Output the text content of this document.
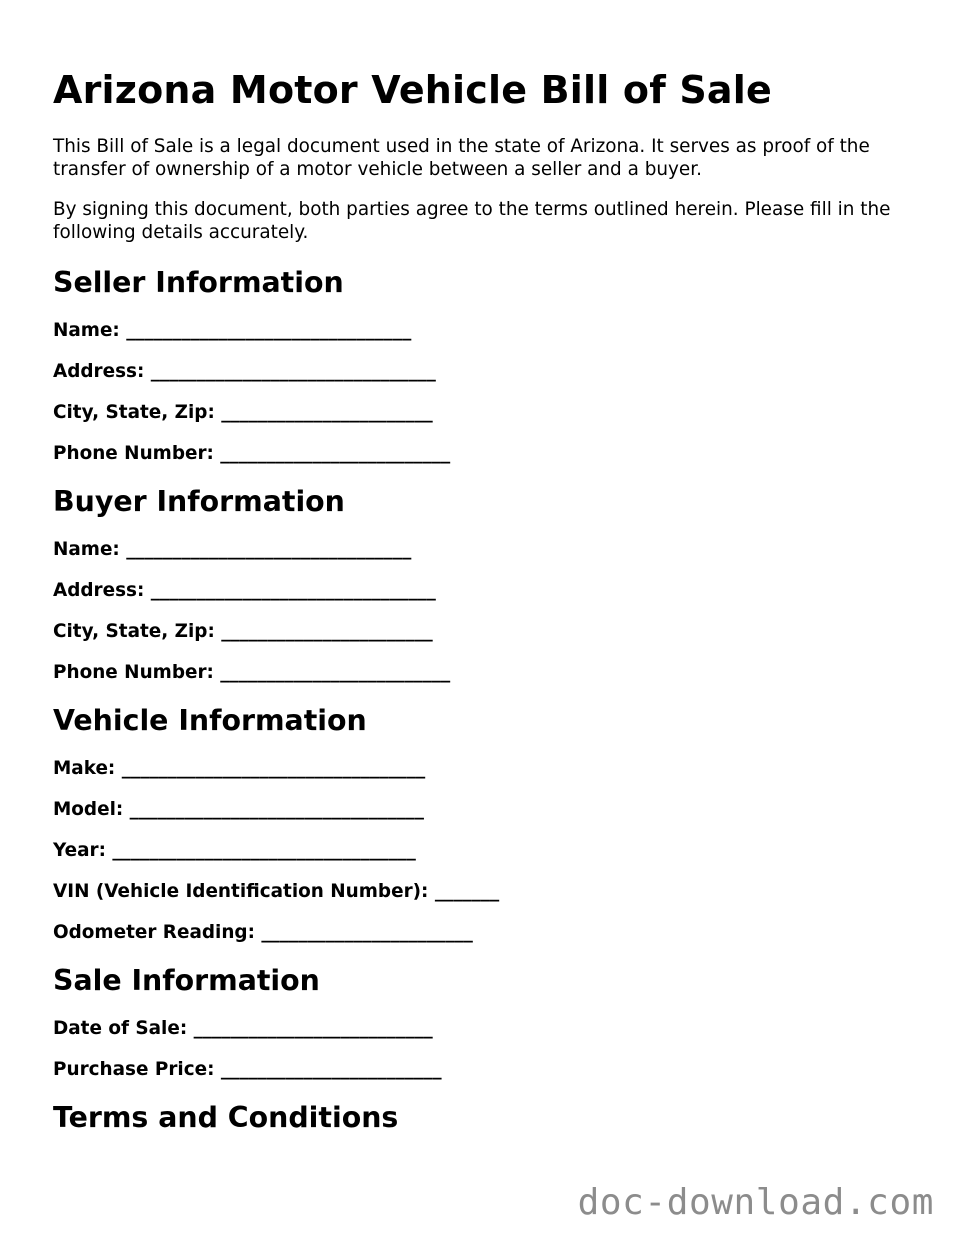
Arizona Motor Vehicle Bill of Sale

This Bill of Sale is a legal document used in the state of Arizona. It serves as proof of the transfer of ownership of a motor vehicle between a seller and a buyer.

By signing this document, both parties agree to the terms outlined herein. Please fill in the following details accurately.

Seller Information
Name: _______________________________
Address: _______________________________
City, State, Zip: _______________________
Phone Number: _________________________
Buyer Information
Name: _______________________________
Address: _______________________________
City, State, Zip: _______________________
Phone Number: _________________________
Vehicle Information
Make: _________________________________
Model: ________________________________
Year: _________________________________
VIN (Vehicle Identification Number): _______
Odometer Reading: _______________________
Sale Information
Date of Sale: __________________________
Purchase Price: ________________________
Terms and Conditions
doc-download.com
